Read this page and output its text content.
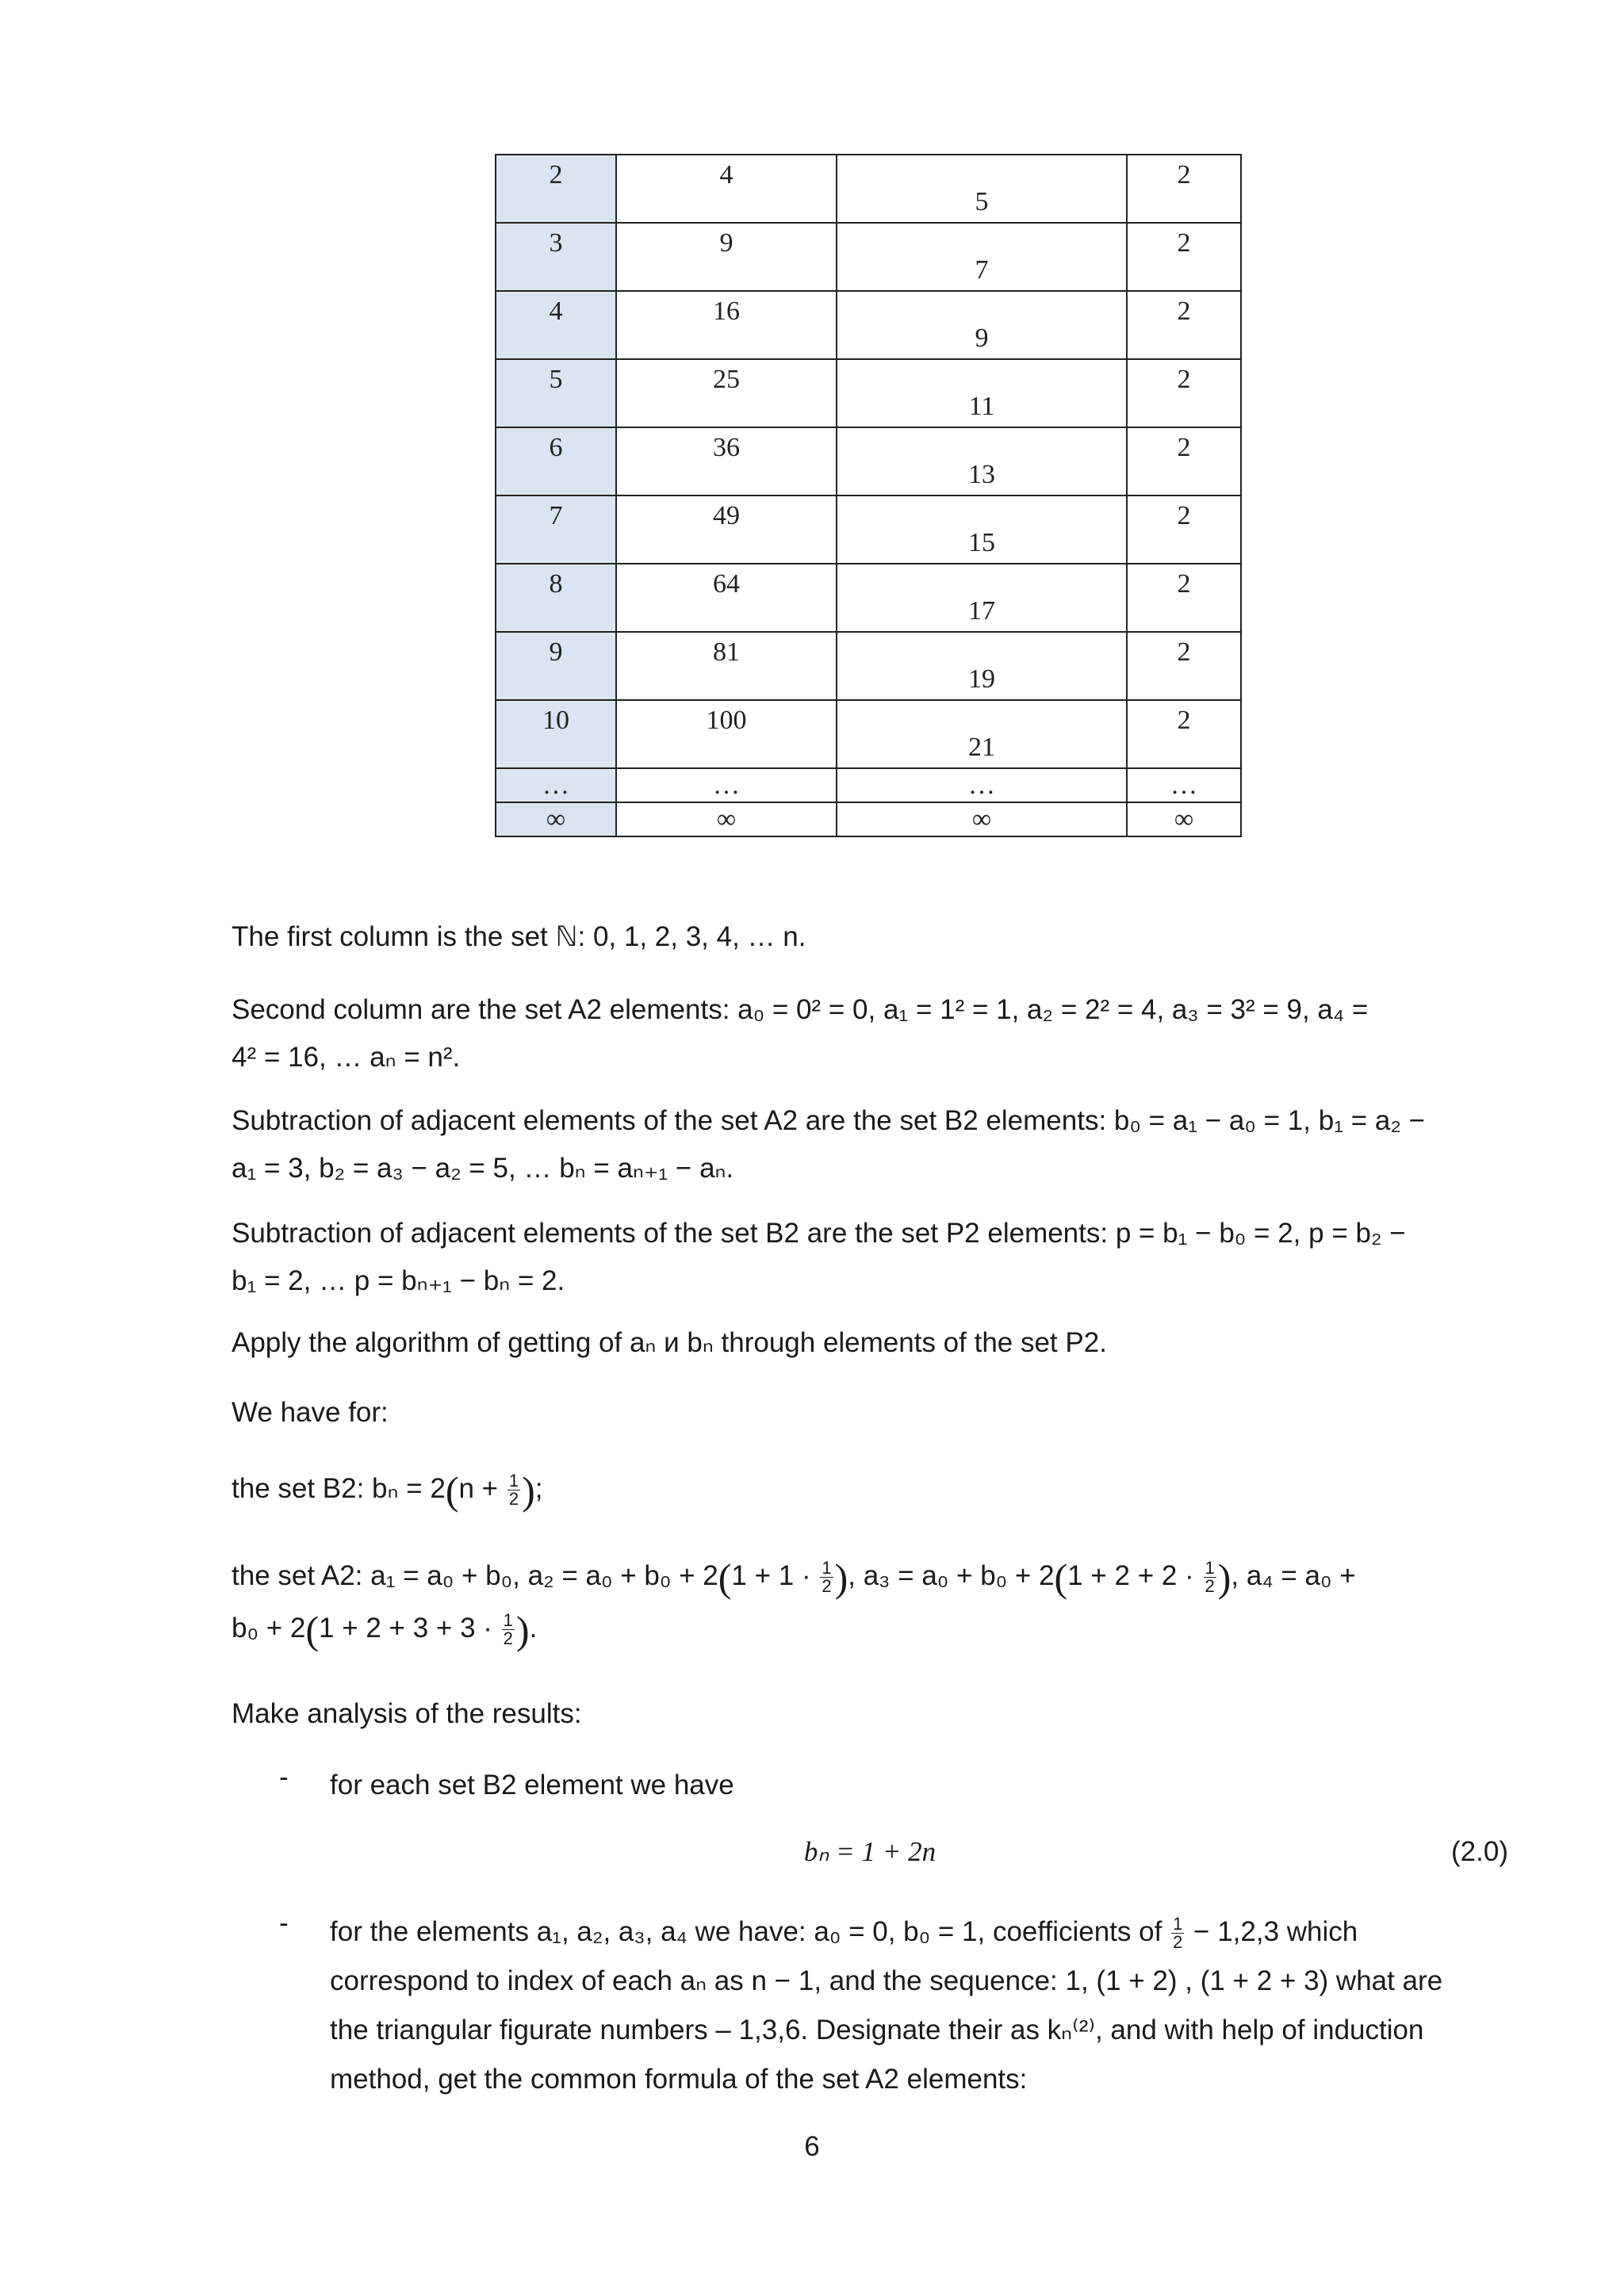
2	4	5	2

3	9	7	2

4	16	9	2

5	25	11	2

6	36	13	2

7	49	15	2

8	64	17	2

9	81	19	2

10	100	21	2

…	…	…	…

∞	∞	∞	∞
The first column is the set ℕ: 0, 1, 2, 3, 4, … n.
Second column are the set A2 elements: a₀ = 0² = 0, a₁ = 1² = 1, a₂ = 2² = 4, a₃ = 3² = 9, a₄ =
4² = 16, … aₙ = n².
Subtraction of adjacent elements of the set A2 are the set B2 elements: b₀ = a₁ − a₀ = 1, b₁ = a₂ −
a₁ = 3, b₂ = a₃ − a₂ = 5, … bₙ = aₙ₊₁ − aₙ.
Subtraction of adjacent elements of the set B2 are the set P2 elements: p = b₁ − b₀ = 2, p = b₂ −
b₁ = 2, … p = bₙ₊₁ − bₙ = 2.
Apply the algorithm of getting of aₙ и bₙ through elements of the set P2.
We have for:
the set B2: $b_n = 2(n + \frac{1}{2}$ );
the set A2: a₁ = a₀ + b₀, $a_2 = a_0 + b_0 + 2(1 + 1 \cdot \frac{1}{2}$ ), $a_3 = a_0 + b_0 + 2(1 + 2 + 2 \cdot \frac{1}{2}$ ), a₄ = a₀ +
$b_0 + 2(1 + 2 + 3 + 3 \cdot \frac{1}{2}$ ).
Make analysis of the results:
- for each set B2 element we have
bₙ = 1 + 2n	(2.0)
- for the elements a₁, a₂, a₃, a₄ we have: a₀ = 0, b₀ = 1, coefficients of $\frac{1}{2} - 1,2,3$ which
correspond to index of each aₙ as n − 1, and the sequence: 1, (1 + 2) , (1 + 2 + 3) what are
the triangular figurate numbers – 1,3,6. Designate their as kₙ⁽²⁾, and with help of induction
method, get the common formula of the set A2 elements:
6
